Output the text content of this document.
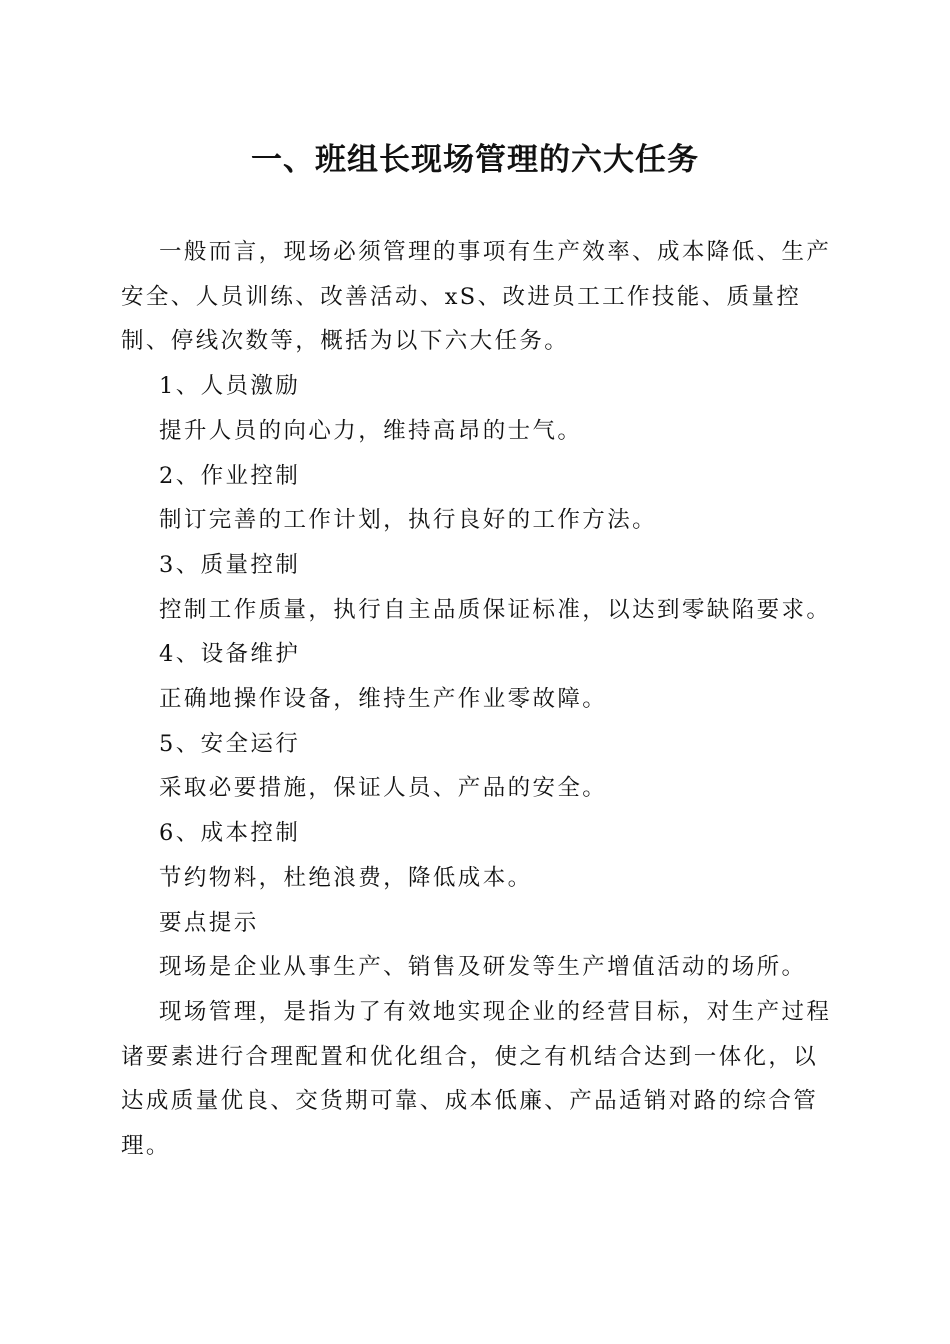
一、班组长现场管理的六大任务

一般而言，现场必须管理的事项有生产效率、成本降低、生产安全、人员训练、改善活动、xS、改进员工工作技能、质量控制、停线次数等，概括为以下六大任务。

1、人员激励

提升人员的向心力，维持高昂的士气。

2、作业控制

制订完善的工作计划，执行良好的工作方法。

3、质量控制

控制工作质量，执行自主品质保证标准，以达到零缺陷要求。

4、设备维护

正确地操作设备，维持生产作业零故障。

5、安全运行

采取必要措施，保证人员、产品的安全。

6、成本控制

节约物料，杜绝浪费，降低成本。

要点提示

现场是企业从事生产、销售及研发等生产增值活动的场所。

现场管理，是指为了有效地实现企业的经营目标，对生产过程诸要素进行合理配置和优化组合，使之有机结合达到一体化，以达成质量优良、交货期可靠、成本低廉、产品适销对路的综合管理。
